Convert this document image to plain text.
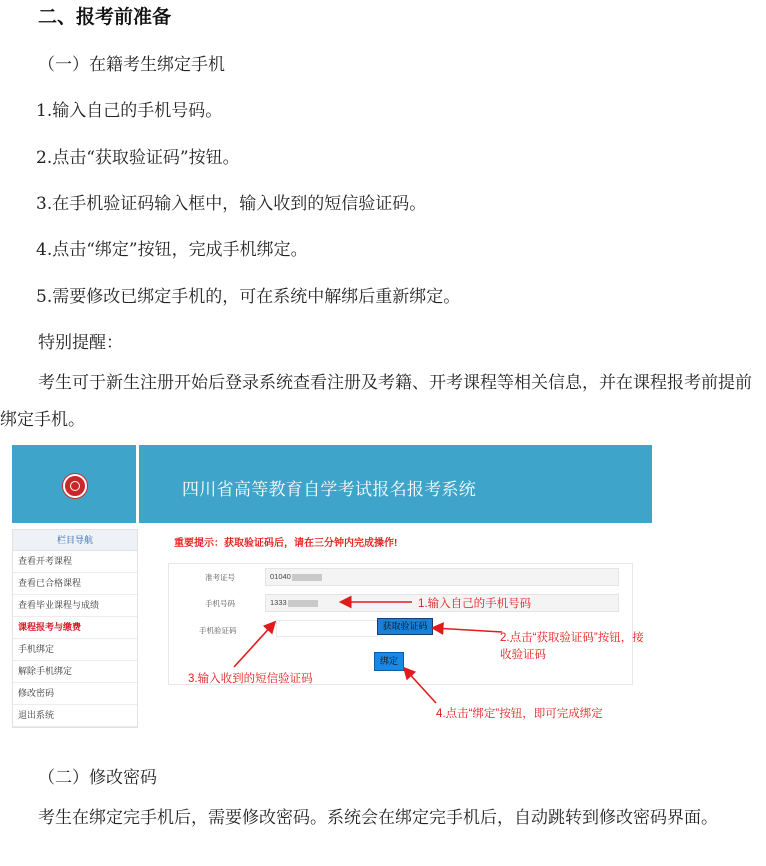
二、报考前准备
（一）在籍考生绑定手机
1.输入自己的手机号码。
2.点击“获取验证码”按钮。
3.在手机验证码输入框中，输入收到的短信验证码。
4.点击“绑定”按钮，完成手机绑定。
5.需要修改已绑定手机的，可在系统中解绑后重新绑定。
特别提醒：
考生可于新生注册开始后登录系统查看注册及考籍、开考课程等相关信息，并在课程报考前提前绑定手机。
四川省高等教育自学考试报名报考系统
栏目导航
查看开考课程
查看已合格课程
查看毕业课程与成绩
课程报考与缴费
手机绑定
解除手机绑定
修改密码
退出系统
重要提示：获取验证码后，请在三分钟内完成操作!
准考证号	01040
手机号码	1333
手机验证码	获取验证码
绑定
1.输入自己的手机号码
2.点击“获取验证码”按钮，接
收验证码
3.输入收到的短信验证码
4.点击“绑定”按钮，即可完成绑定
（二）修改密码
考生在绑定完手机后，需要修改密码。系统会在绑定完手机后，自动跳转到修改密码界面。
